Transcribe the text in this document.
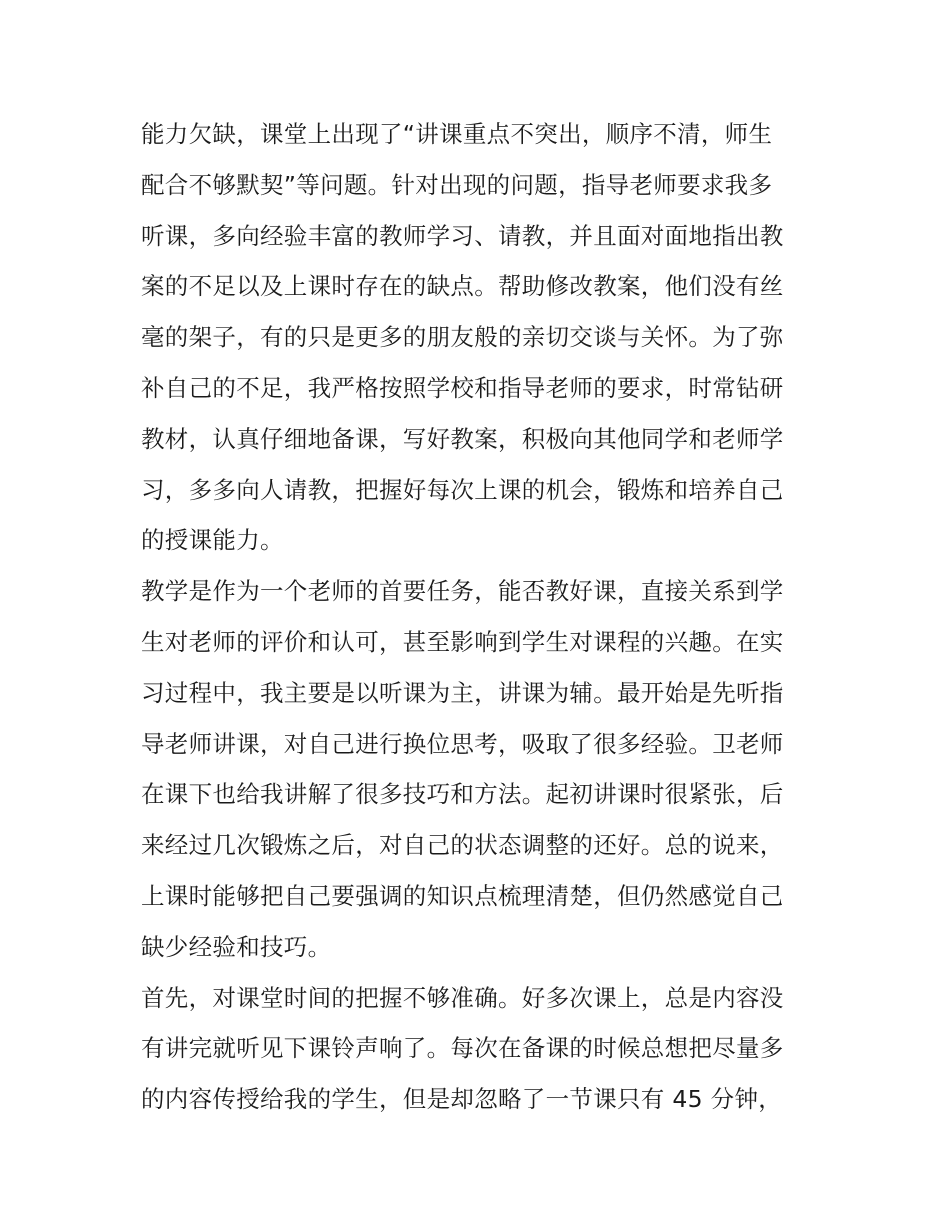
能力欠缺，课堂上出现了“讲课重点不突出，顺序不清，师生
配合不够默契”等问题。针对出现的问题，指导老师要求我多
听课，多向经验丰富的教师学习、请教，并且面对面地指出教
案的不足以及上课时存在的缺点。帮助修改教案，他们没有丝
毫的架子，有的只是更多的朋友般的亲切交谈与关怀。为了弥
补自己的不足，我严格按照学校和指导老师的要求，时常钻研
教材，认真仔细地备课，写好教案，积极向其他同学和老师学
习，多多向人请教，把握好每次上课的机会，锻炼和培养自己
的授课能力。
教学是作为一个老师的首要任务，能否教好课，直接关系到学
生对老师的评价和认可，甚至影响到学生对课程的兴趣。在实
习过程中，我主要是以听课为主，讲课为辅。最开始是先听指
导老师讲课，对自己进行换位思考，吸取了很多经验。卫老师
在课下也给我讲解了很多技巧和方法。起初讲课时很紧张，后
来经过几次锻炼之后，对自己的状态调整的还好。总的说来，
上课时能够把自己要强调的知识点梳理清楚，但仍然感觉自己
缺少经验和技巧。
首先，对课堂时间的把握不够准确。好多次课上，总是内容没
有讲完就听见下课铃声响了。每次在备课的时候总想把尽量多
的内容传授给我的学生，但是却忽略了一节课只有 45 分钟，
